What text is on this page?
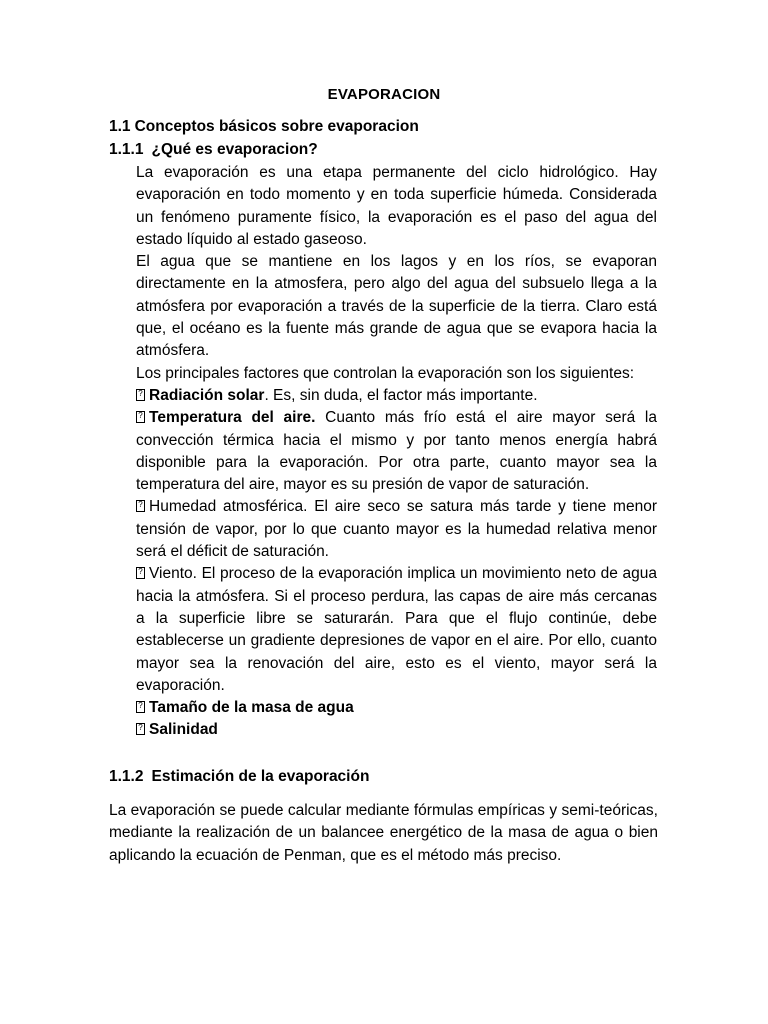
EVAPORACION
1.1 Conceptos básicos sobre evaporacion
1.1.1 ¿Qué es evaporacion?

La evaporación es una etapa permanente del ciclo hidrológico. Hay evaporación en todo momento y en toda superficie húmeda. Considerada un fenómeno puramente físico, la evaporación es el paso del agua del estado líquido al estado gaseoso.

El agua que se mantiene en los lagos y en los ríos, se evaporan directamente en la atmosfera, pero algo del agua del subsuelo llega a la atmósfera por evaporación a través de la superficie de la tierra. Claro está que, el océano es la fuente más grande de agua que se evapora hacia la atmósfera.

Los principales factores que controlan la evaporación son los siguientes:

?Radiación solar. Es, sin duda, el factor más importante.

?Temperatura del aire. Cuanto más frío está el aire mayor será la convección térmica hacia el mismo y por tanto menos energía habrá disponible para la evaporación. Por otra parte, cuanto mayor sea la temperatura del aire, mayor es su presión de vapor de saturación.

?Humedad atmosférica. El aire seco se satura más tarde y tiene menor tensión de vapor, por lo que cuanto mayor es la humedad relativa menor será el déficit de saturación.

?Viento. El proceso de la evaporación implica un movimiento neto de agua hacia la atmósfera. Si el proceso perdura, las capas de aire más cercanas a la superficie libre se saturarán. Para que el flujo continúe, debe establecerse un gradiente depresiones de vapor en el aire. Por ello, cuanto mayor sea la renovación del aire, esto es el viento, mayor será la evaporación.

?Tamaño de la masa de agua

?Salinidad

1.1.2 Estimación de la evaporación

La evaporación se puede calcular mediante fórmulas empíricas y semi-teóricas, mediante la realización de un balancee energético de la masa de agua o bien aplicando la ecuación de Penman, que es el método más preciso.
